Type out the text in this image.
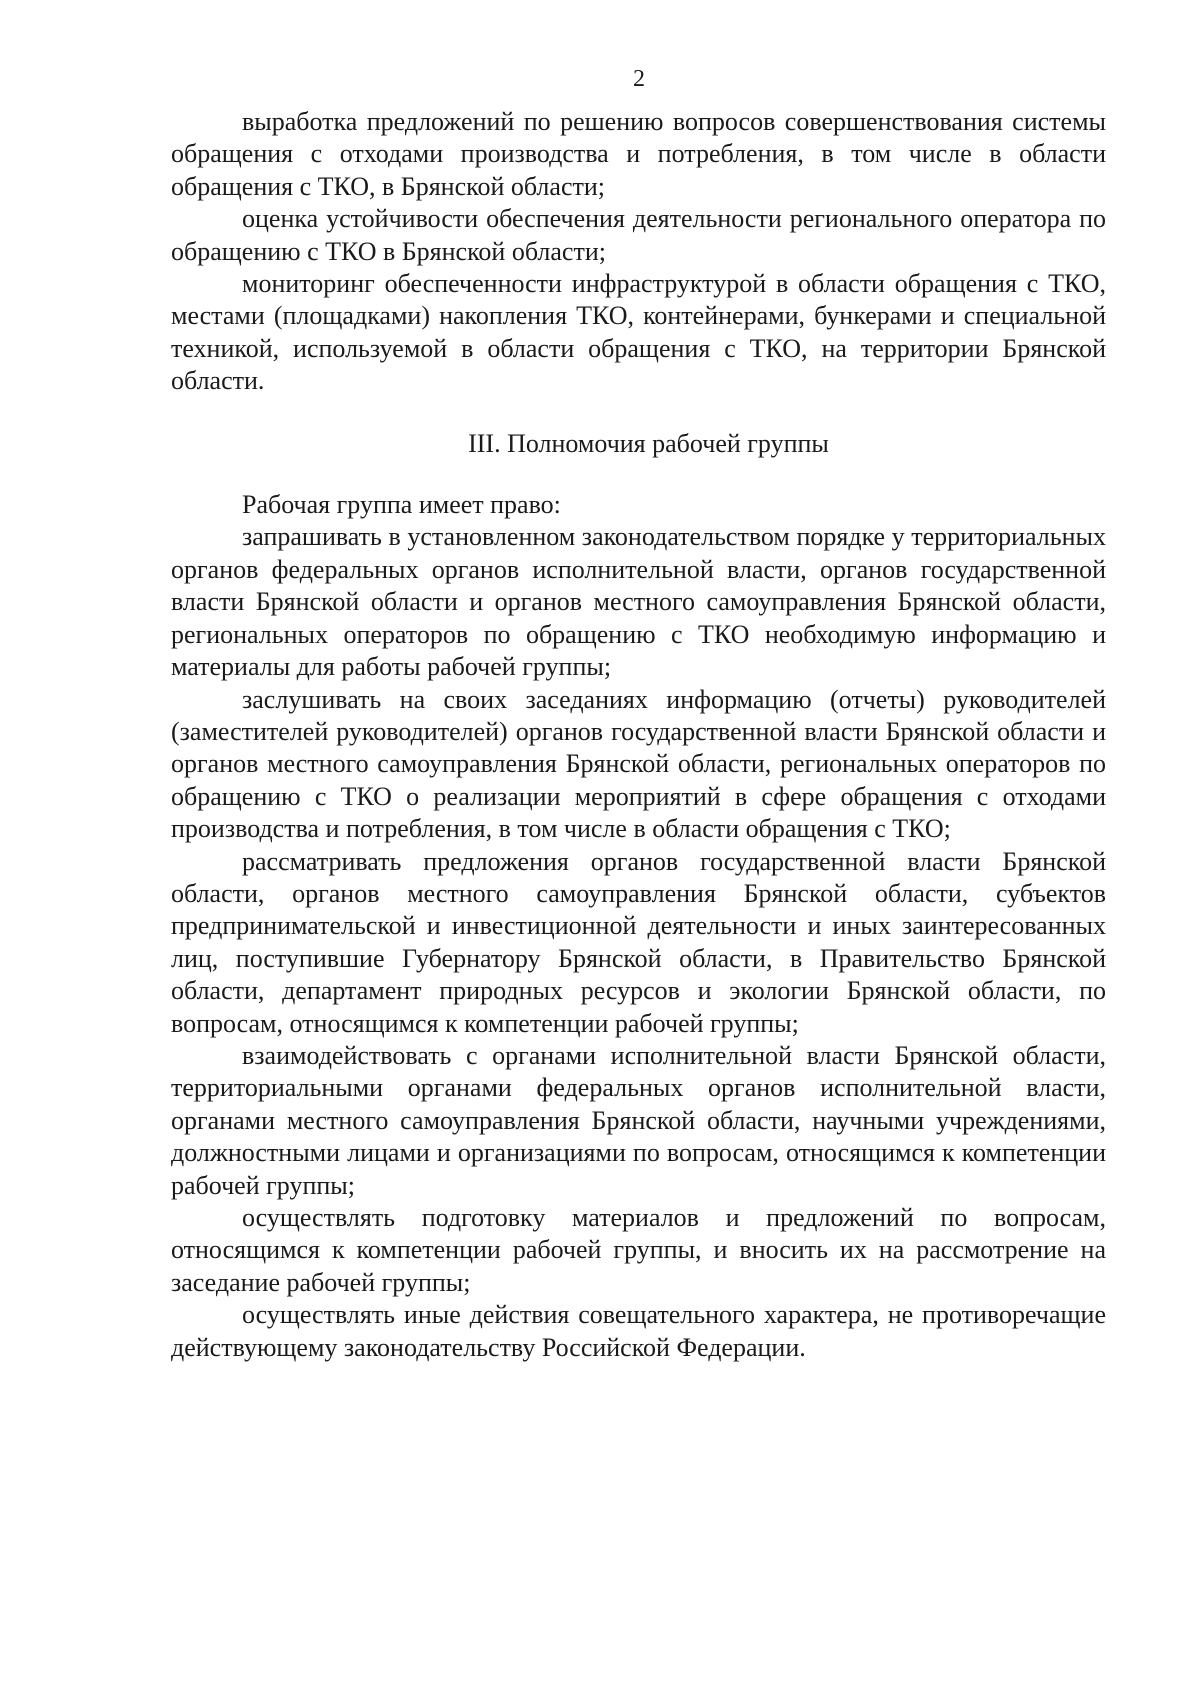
2

выработка предложений по решению вопросов совершенствования системы обращения с отходами производства и потребления, в том числе в области обращения с ТКО, в Брянской области;

оценка устойчивости обеспечения деятельности регионального оператора по обращению с ТКО в Брянской области;

мониторинг обеспеченности инфраструктурой в области обращения с ТКО, местами (площадками) накопления ТКО, контейнерами, бункерами и специальной техникой, используемой в области обращения с ТКО, на территории Брянской области.

III. Полномочия рабочей группы

Рабочая группа имеет право:

запрашивать в установленном законодательством порядке у территориальных органов федеральных органов исполнительной власти, органов государственной власти Брянской области и органов местного самоуправления Брянской области, региональных операторов по обращению с ТКО необходимую информацию и материалы для работы рабочей группы;

заслушивать на своих заседаниях информацию (отчеты) руководителей (заместителей руководителей) органов государственной власти Брянской области и органов местного самоуправления Брянской области, региональных операторов по обращению с ТКО о реализации мероприятий в сфере обращения с отходами производства и потребления, в том числе в области обращения с ТКО;

рассматривать предложения органов государственной власти Брянской области, органов местного самоуправления Брянской области, субъектов предпринимательской и инвестиционной деятельности и иных заинтересованных лиц, поступившие Губернатору Брянской области, в Правительство Брянской области, департамент природных ресурсов и экологии Брянской области, по вопросам, относящимся к компетенции рабочей группы;

взаимодействовать с органами исполнительной власти Брянской области, территориальными органами федеральных органов исполнительной власти, органами местного самоуправления Брянской области, научными учреждениями, должностными лицами и организациями по вопросам, относящимся к компетенции рабочей группы;

осуществлять подготовку материалов и предложений по вопросам, относящимся к компетенции рабочей группы, и вносить их на рассмотрение на заседание рабочей группы;

осуществлять иные действия совещательного характера, не противоречащие действующему законодательству Российской Федерации.
